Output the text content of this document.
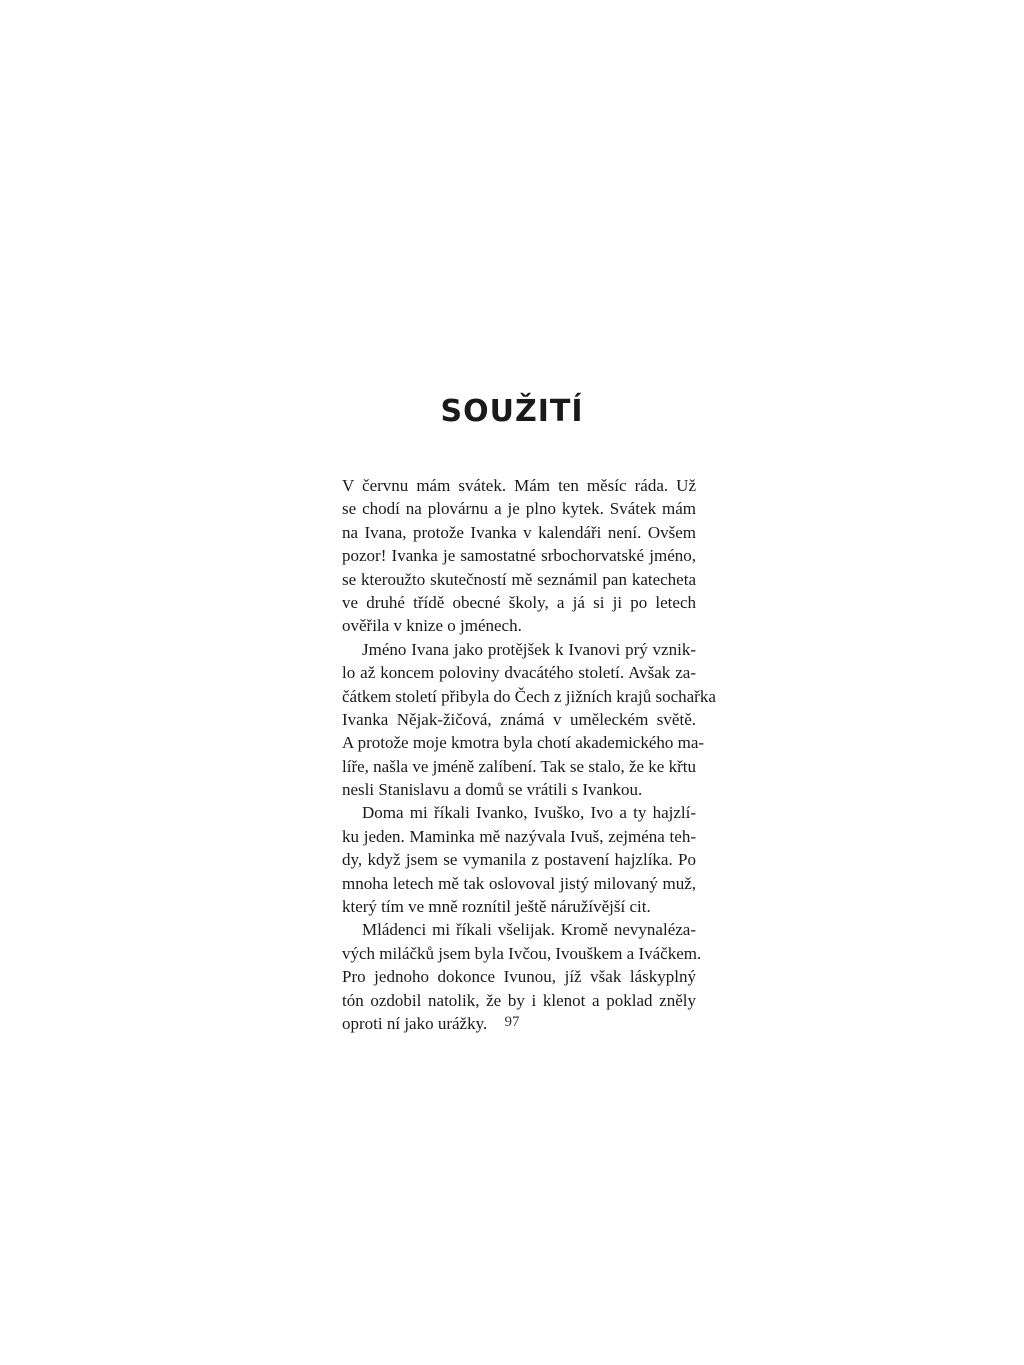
SOUŽITÍ
V červnu mám svátek. Mám ten měsíc ráda. Už
se chodí na plovárnu a je plno kytek. Svátek mám
na Ivana, protože Ivanka v kalendáři není. Ovšem
pozor! Ivanka je samostatné srbochorvatské jméno,
se kteroužto skutečností mě seznámil pan katecheta
ve druhé třídě obecné školy, a já si ji po letech
ověřila v knize o jménech.
Jméno Ivana jako protějšek k Ivanovi prý vznik-
lo až koncem poloviny dvacátého století. Avšak za-
čátkem století přibyla do Čech z jižních krajů sochařka
Ivanka Nějak-žičová, známá v uměleckém světě.
A protože moje kmotra byla chotí akademického ma-
líře, našla ve jméně zalíbení. Tak se stalo, že ke křtu
nesli Stanislavu a domů se vrátili s Ivankou.
Doma mi říkali Ivanko, Ivuško, Ivo a ty hajzlí-
ku jeden. Maminka mě nazývala Ivuš, zejména teh-
dy, když jsem se vymanila z postavení hajzlíka. Po
mnoha letech mě tak oslovoval jistý milovaný muž,
který tím ve mně roznítil ještě náružívější cit.
Mládenci mi říkali všelijak. Kromě nevynaléza-
vých miláčků jsem byla Ivčou, Ivouškem a Iváčkem.
Pro jednoho dokonce Ivunou, jíž však láskyplný
tón ozdobil natolik, že by i klenot a poklad zněly
oproti ní jako urážky.	97
